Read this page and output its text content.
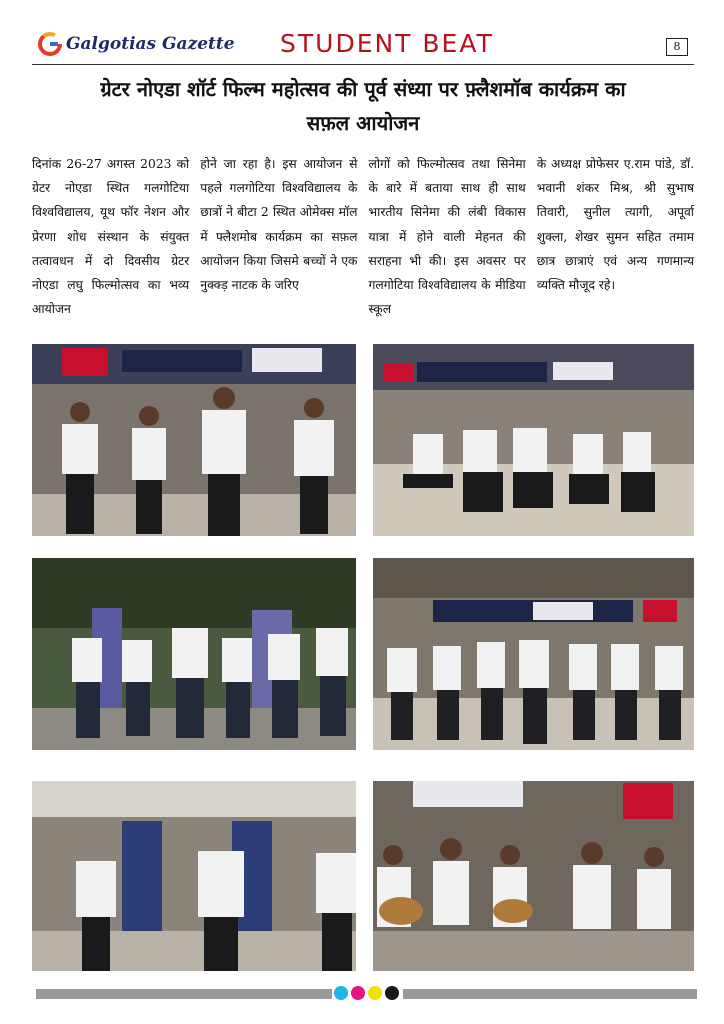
Galgotias Gazette STUDENT BEAT	8
ग्रेटर नोएडा शॉर्ट फिल्म महोत्सव की पूर्व संध्या पर फ़्लैशमॉब कार्यक्रम का
सफ़ल आयोजन
दिनांक 26-27 अगस्त 2023 को ग्रेटर नोएडा स्थित गलगोटिया विश्वविद्यालय, यूथ फॉर नेशन और प्रेरणा शोध संस्थान के संयुक्त तत्वावधन में दो दिवसीय ग्रेटर नोएडा लघु फिल्मोत्सव का भव्य आयोजन
होने जा रहा है। इस आयोजन से पहले गलगोटिया विश्वविद्यालय के छात्रों ने बीटा 2 स्थित ओमेक्स मॉल में फ्लैशमोब कार्यक्रम का सफ़ल आयोजन किया जिसमे बच्चों ने एक नुक्क्ड़ नाटक के जरिए
लोगों को फिल्मोत्सव तथा सिनेमा के बारे में बताया साथ ही साथ भारतीय सिनेमा की लंबी विकास यात्रा में होने वाली मेहनत की सराहना भी की। इस अवसर पर गलगोटिया विश्वविद्यालय के मीडिया स्कूल
के अध्यक्ष प्रोफेसर ए.राम पांडे, डॉ. भवानी शंकर मिश्र, श्री सुभाष तिवारी, सुनील त्यागी, अपूर्वा शुक्ला, शेखर सुमन सहित तमाम छात्र छात्राएं एवं अन्य गणमान्य व्यक्ति मौजूद रहे।
